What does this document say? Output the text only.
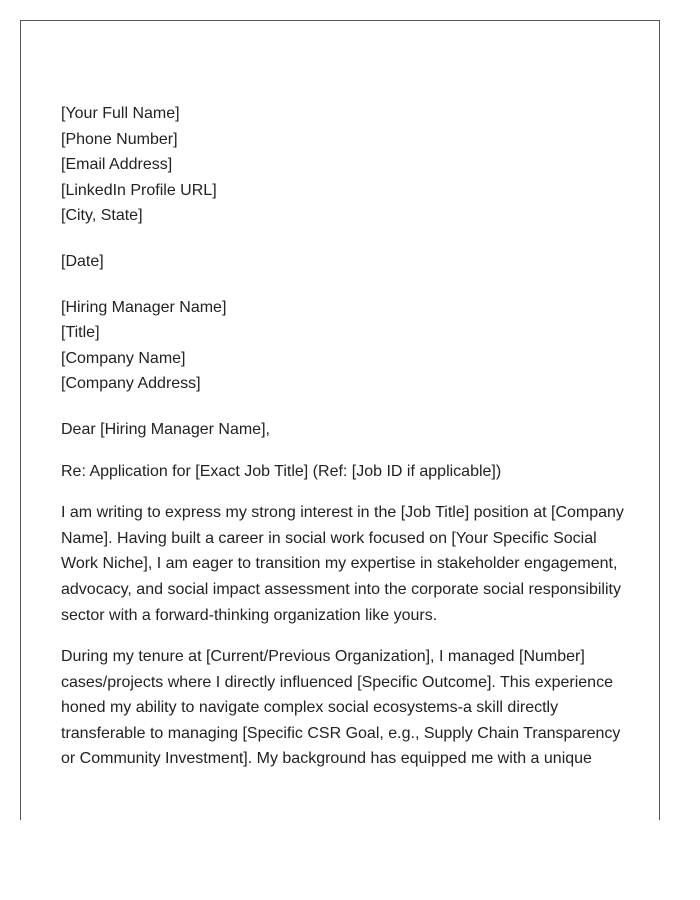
[Your Full Name]
[Phone Number]
[Email Address]
[LinkedIn Profile URL]
[City, State]
[Date]
[Hiring Manager Name]
[Title]
[Company Name]
[Company Address]

Dear [Hiring Manager Name],

Re: Application for [Exact Job Title] (Ref: [Job ID if applicable])

I am writing to express my strong interest in the [Job Title] position at [Company Name]. Having built a career in social work focused on [Your Specific Social Work Niche], I am eager to transition my expertise in stakeholder engagement, advocacy, and social impact assessment into the corporate social responsibility sector with a forward-thinking organization like yours.

During my tenure at [Current/Previous Organization], I managed [Number] cases/projects where I directly influenced [Specific Outcome]. This experience honed my ability to navigate complex social ecosystems-a skill directly transferable to managing [Specific CSR Goal, e.g., Supply Chain Transparency or Community Investment]. My background has equipped me with a unique
